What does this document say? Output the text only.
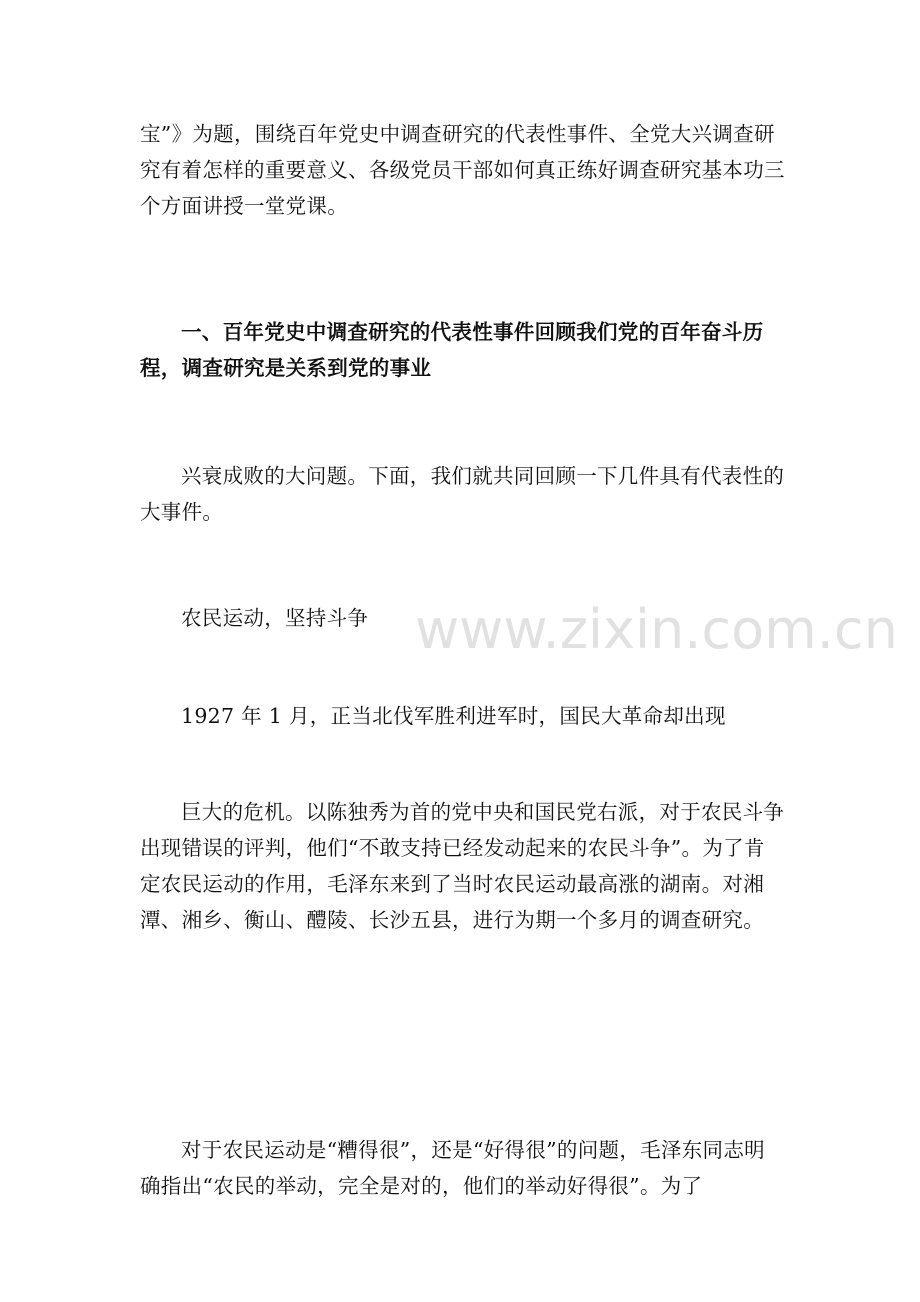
宝”》为题，围绕百年党史中调查研究的代表性事件、全党大兴调查研究有着怎样的重要意义、各级党员干部如何真正练好调查研究基本功三个方面讲授一堂党课。

一、百年党史中调查研究的代表性事件回顾我们党的百年奋斗历程，调查研究是关系到党的事业

兴衰成败的大问题。下面，我们就共同回顾一下几件具有代表性的大事件。

农民运动，坚持斗争

1927 年 1 月，正当北伐军胜利进军时，国民大革命却出现

巨大的危机。以陈独秀为首的党中央和国民党右派，对于农民斗争出现错误的评判，他们“不敢支持已经发动起来的农民斗争”。为了肯定农民运动的作用，毛泽东来到了当时农民运动最高涨的湖南。对湘潭、湘乡、衡山、醴陵、长沙五县，进行为期一个多月的调查研究。

对于农民运动是“糟得很”，还是“好得很”的问题，毛泽东同志明确指出“农民的举动，完全是对的，他们的举动好得很”。为了

www.zixin.com.cn
